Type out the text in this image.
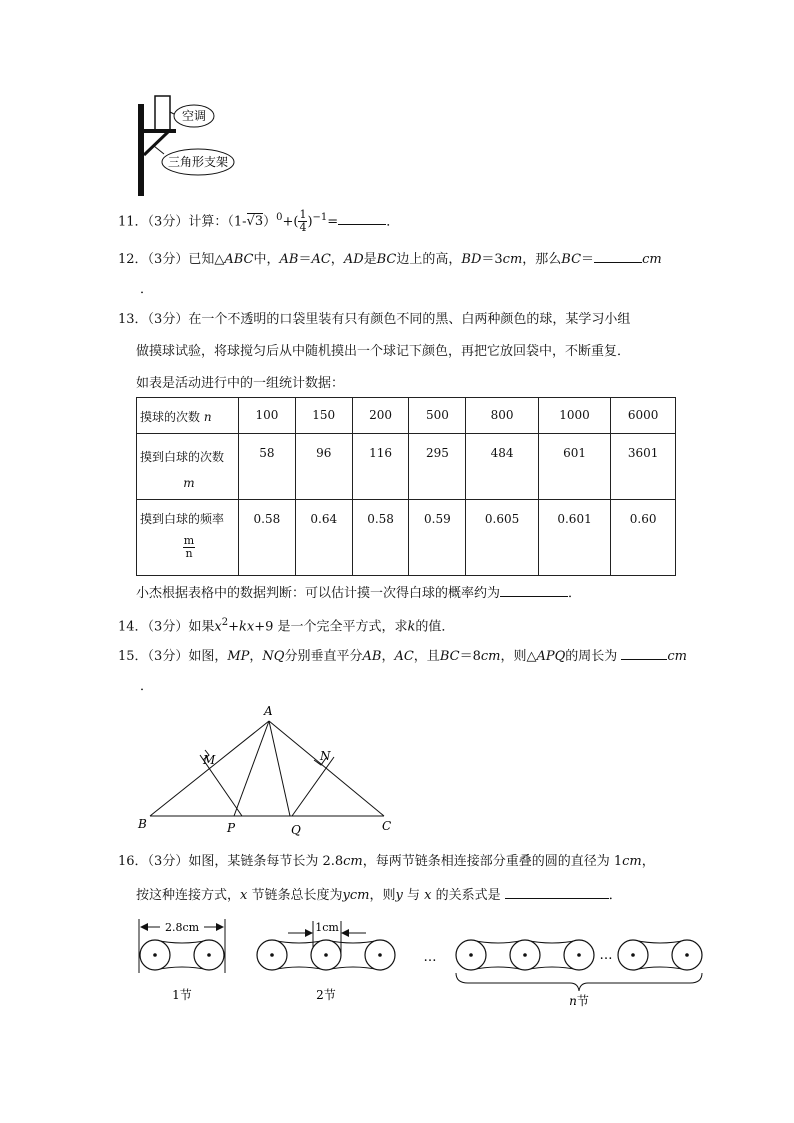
空调
三角形支架
11．（3分）计算：$(1-√3)^0+( \frac{1}{4} )^{-1}=$	．
12．（3分）已知△ABC中，AB＝AC，AD是BC边上的高，BD＝3cm，那么BC＝	cm
．
13．（3分）在一个不透明的口袋里装有只有颜色不同的黑、白两种颜色的球，某学习小组
做摸球试验，将球搅匀后从中随机摸出一个球记下颜色，再把它放回袋中，不断重复．
如表是活动进行中的一组统计数据：
摸球的次数 n	100	150	200	500	800	1000	6000

摸到白球的次数
m	58	96	116	295	484	601	3601

摸到白球的频率
$\frac{m}{n}$	0.58	0.64	0.58	0.59	0.605	0.601	0.60
小杰根据表格中的数据判断：可以估计摸一次得白球的概率约为	．
14．（3分）如果$x^2+kx+9$ 是一个完全平方式，求k的值．
15．（3分）如图，MP，NQ分别垂直平分AB，AC，且BC＝8cm，则△APQ的周长为	cm
．
A
B	C
M	N
P	Q
16．（3分）如图，某链条每节长为 2.8cm，每两节链条相连接部分重叠的圆的直径为 1cm，
按这种连接方式，x 节链条总长度为ycm，则y 与 x 的关系式是	．
2.8cm
1节
1cm
2节
…	…
n节
